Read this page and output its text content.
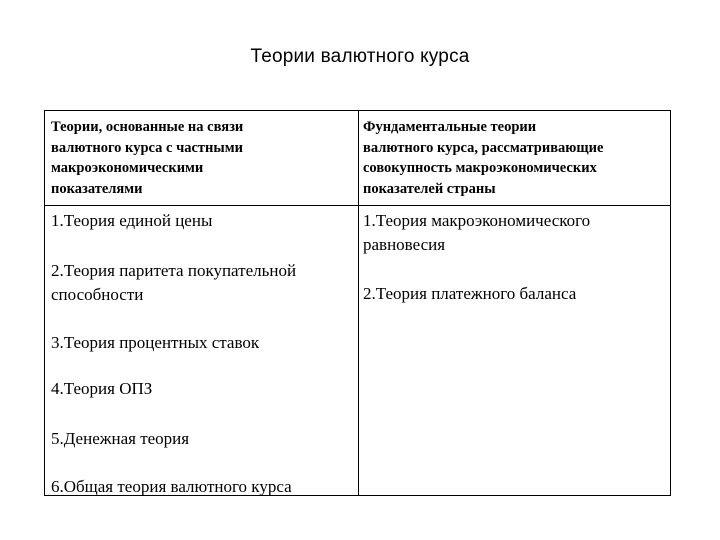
Теории валютного курса
Теории, основанные на связи
валютного курса с частными
макроэкономическими
показателями
Фундаментальные теории
валютного курса, рассматривающие
совокупность макроэкономических
показателей страны
1.Теория единой цены
2.Теория паритета покупательной
способности
3.Теория процентных ставок
4.Теория ОПЗ
5.Денежная теория
6.Общая теория валютного курса
1.Теория макроэкономического
равновесия
2.Теория платежного баланса
